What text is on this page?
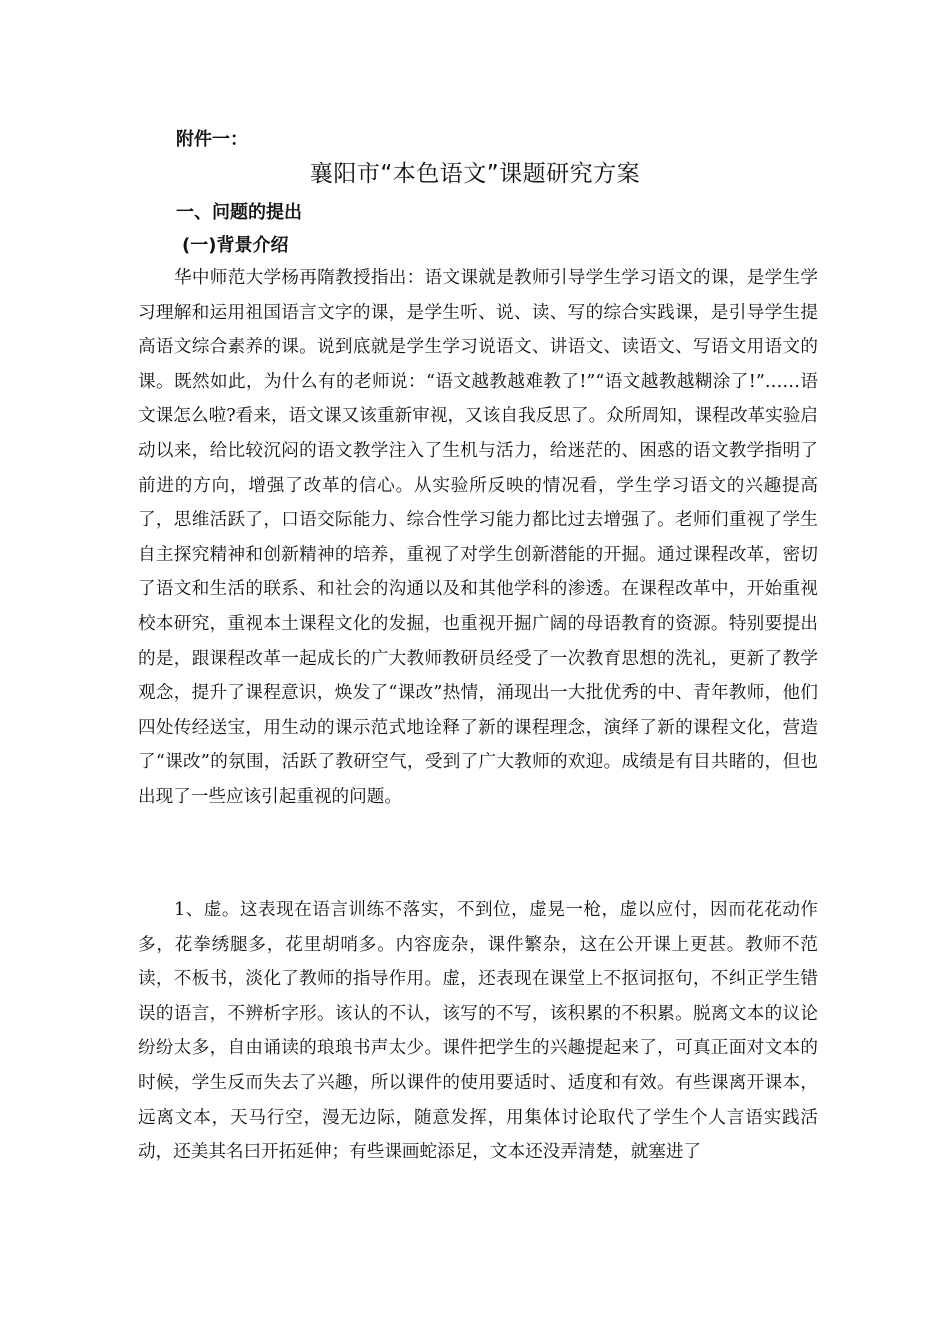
附件一：
襄阳市“本色语文”课题研究方案
一、问题的提出
(一)背景介绍

华中师范大学杨再隋教授指出：语文课就是教师引导学生学习语文的课，是学生学习理解和运用祖国语言文字的课，是学生听、说、读、写的综合实践课，是引导学生提高语文综合素养的课。说到底就是学生学习说语文、讲语文、读语文、写语文用语文的课。既然如此，为什么有的老师说：“语文越教越难教了!”“语文越教越糊涂了!”……语文课怎么啦?看来，语文课又该重新审视，又该自我反思了。众所周知，课程改革实验启动以来，给比较沉闷的语文教学注入了生机与活力，给迷茫的、困惑的语文教学指明了前进的方向，增强了改革的信心。从实验所反映的情况看，学生学习语文的兴趣提高了，思维活跃了，口语交际能力、综合性学习能力都比过去增强了。老师们重视了学生自主探究精神和创新精神的培养，重视了对学生创新潜能的开掘。通过课程改革，密切了语文和生活的联系、和社会的沟通以及和其他学科的渗透。在课程改革中，开始重视校本研究，重视本土课程文化的发掘，也重视开掘广阔的母语教育的资源。特别要提出的是，跟课程改革一起成长的广大教师教研员经受了一次教育思想的洗礼，更新了教学观念，提升了课程意识，焕发了“课改”热情，涌现出一大批优秀的中、青年教师，他们四处传经送宝，用生动的课示范式地诠释了新的课程理念，演绎了新的课程文化，营造了“课改”的氛围，活跃了教研空气，受到了广大教师的欢迎。成绩是有目共睹的，但也出现了一些应该引起重视的问题。

1、虚。这表现在语言训练不落实，不到位，虚晃一枪，虚以应付，因而花花动作多，花拳绣腿多，花里胡哨多。内容庞杂，课件繁杂，这在公开课上更甚。教师不范读，不板书，淡化了教师的指导作用。虚，还表现在课堂上不抠词抠句，不纠正学生错误的语言，不辨析字形。该认的不认，该写的不写，该积累的不积累。脱离文本的议论纷纷太多，自由诵读的琅琅书声太少。课件把学生的兴趣提起来了，可真正面对文本的时候，学生反而失去了兴趣，所以课件的使用要适时、适度和有效。有些课离开课本，远离文本，天马行空，漫无边际，随意发挥，用集体讨论取代了学生个人言语实践活动，还美其名曰开拓延伸；有些课画蛇添足，文本还没弄清楚，就塞进了
